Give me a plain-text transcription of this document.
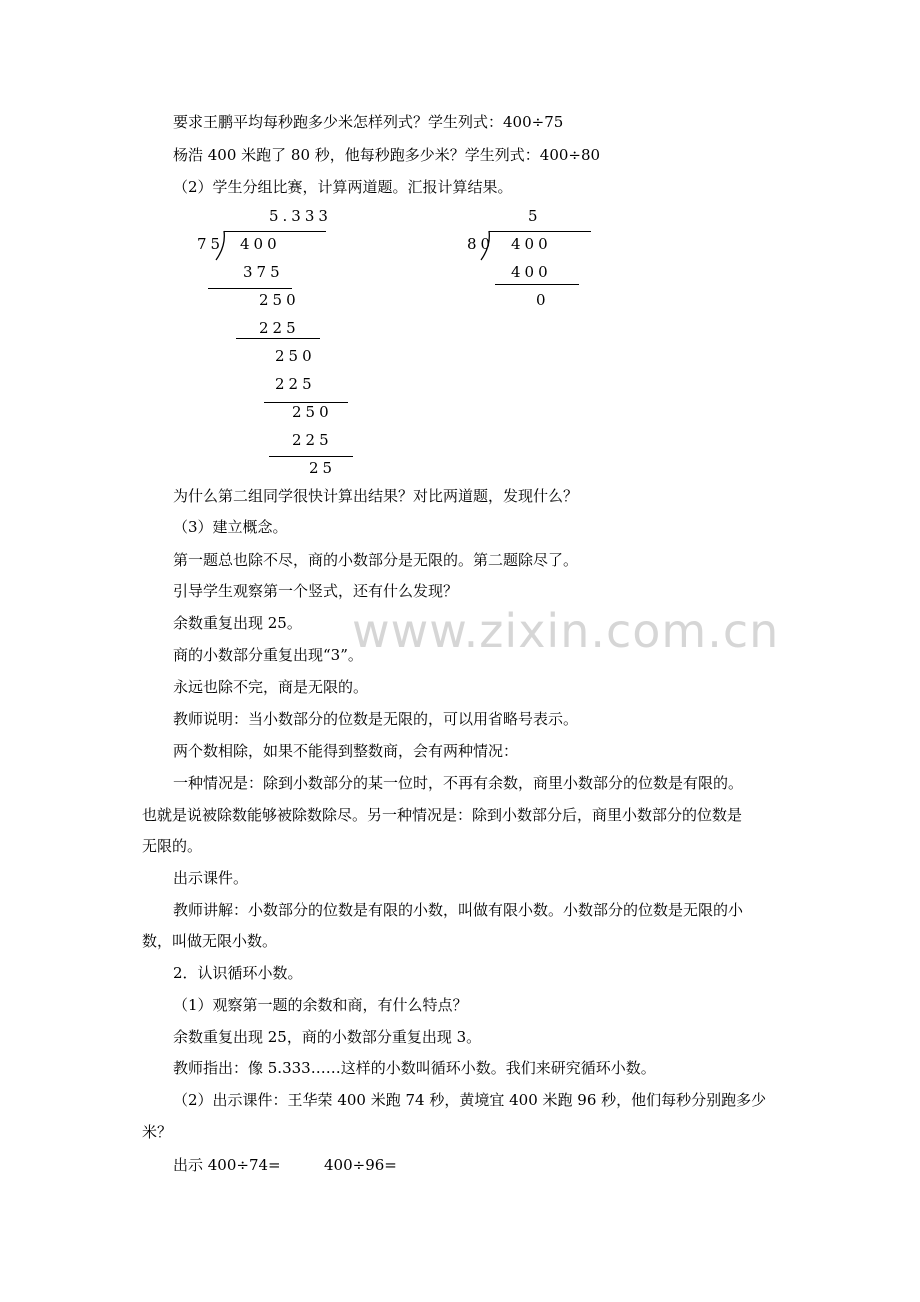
www.zixin.com.cn
要求王鹏平均每秒跑多少米怎样列式？学生列式：400÷75
杨浩 400 米跑了 80 秒，他每秒跑多少米？学生列式：400÷80
（2）学生分组比赛，计算两道题。汇报计算结果。
5.333
75 400
375
250
225
250
225
250
225
25
5
80 400
400
0
为什么第二组同学很快计算出结果？对比两道题，发现什么？
（3）建立概念。
第一题总也除不尽，商的小数部分是无限的。第二题除尽了。
引导学生观察第一个竖式，还有什么发现？
余数重复出现 25。
商的小数部分重复出现“3”。
永远也除不完，商是无限的。
教师说明：当小数部分的位数是无限的，可以用省略号表示。
两个数相除，如果不能得到整数商，会有两种情况：
一种情况是：除到小数部分的某一位时，不再有余数，商里小数部分的位数是有限的。
也就是说被除数能够被除数除尽。另一种情况是：除到小数部分后，商里小数部分的位数是
无限的。
出示课件。
教师讲解：小数部分的位数是有限的小数，叫做有限小数。小数部分的位数是无限的小
数，叫做无限小数。
2．认识循环小数。
（1）观察第一题的余数和商，有什么特点？
余数重复出现 25，商的小数部分重复出现 3。
教师指出：像 5.333……这样的小数叫循环小数。我们来研究循环小数。
（2）出示课件：王华荣 400 米跑 74 秒，黄境宜 400 米跑 96 秒，他们每秒分别跑多少
米？
出示 400÷74=	400÷96=
